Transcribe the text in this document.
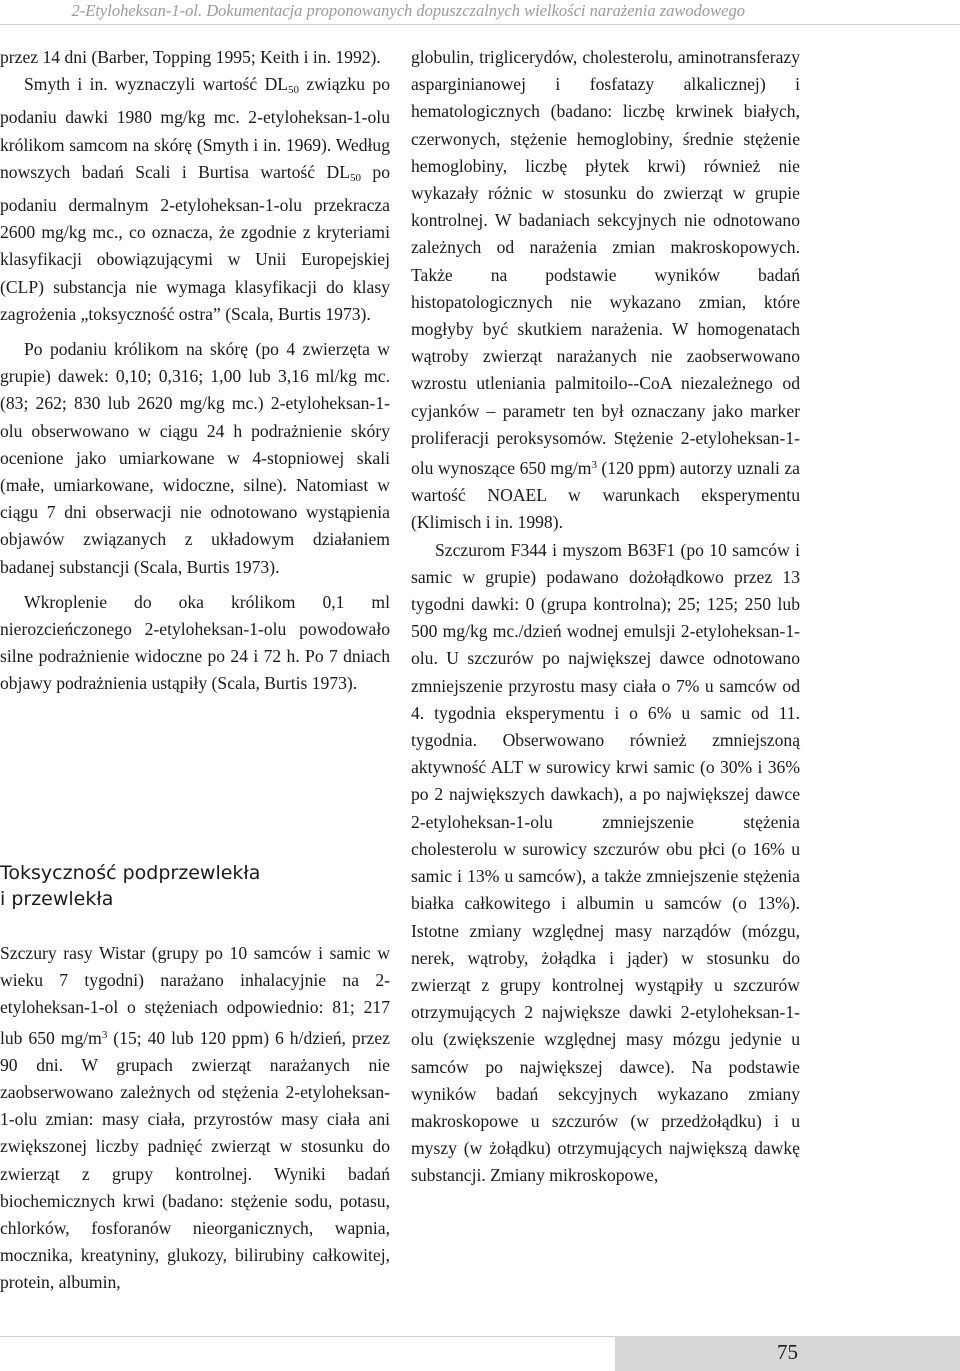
2-Etyloheksan-1-ol. Dokumentacja proponowanych dopuszczalnych wielkości narażenia zawodowego

przez 14 dni (Barber, Topping 1995; Keith i in. 1992).

Smyth i in. wyznaczyli wartość $DL_{50}$ związku po podaniu dawki 1980 mg/kg mc. 2-etyloheksan-1-olu królikom samcom na skórę (Smyth i in. 1969). Według nowszych badań Scali i Burtisa wartość $DL_{50}$ po podaniu dermalnym 2-etyloheksan-1-olu przekracza 2600 mg/kg mc., co oznacza, że zgodnie z kryteriami klasyfikacji obowiązującymi w Unii Europejskiej (CLP) substancja nie wymaga klasyfikacji do klasy zagrożenia „toksyczność ostra” (Scala, Burtis 1973).

Po podaniu królikom na skórę (po 4 zwierzęta w grupie) dawek: 0,10; 0,316; 1,00 lub 3,16 ml/kg mc. (83; 262; 830 lub 2620 mg/kg mc.) 2-etyloheksan-1-olu obserwowano w ciągu 24 h podrażnienie skóry ocenione jako umiarkowane w 4-stopniowej skali (małe, umiarkowane, widoczne, silne). Natomiast w ciągu 7 dni obserwacji nie odnotowano wystąpienia objawów związanych z układowym działaniem badanej substancji (Scala, Burtis 1973).

Wkroplenie do oka królikom 0,1 ml nierozcieńczonego 2-etyloheksan-1-olu powodowało silne podrażnienie widoczne po 24 i 72 h. Po 7 dniach objawy podrażnienia ustąpiły (Scala, Burtis 1973).

Toksyczność podprzewlekła
i przewlekła

Szczury rasy Wistar (grupy po 10 samców i samic w wieku 7 tygodni) narażano inhalacyjnie na 2-etyloheksan-1-ol o stężeniach odpowiednio: 81; 217 lub 650 $mg/m^3$ (15; 40 lub 120 ppm) 6 h/dzień, przez 90 dni. W grupach zwierząt narażanych nie zaobserwowano zależnych od stężenia 2-etyloheksan-1-olu zmian: masy ciała, przyrostów masy ciała ani zwiększonej liczby padnięć zwierząt w stosunku do zwierząt z grupy kontrolnej. Wyniki badań biochemicznych krwi (badano: stężenie sodu, potasu, chlorków, fosforanów nieorganicznych, wapnia, mocznika, kreatyniny, glukozy, bilirubiny całkowitej, protein, albumin,

globulin, triglicerydów, cholesterolu, aminotransferazy asparginianowej i fosfatazy alkalicznej) i hematologicznych (badano: liczbę krwinek białych, czerwonych, stężenie hemoglobiny, średnie stężenie hemoglobiny, liczbę płytek krwi) również nie wykazały różnic w stosunku do zwierząt w grupie kontrolnej. W badaniach sekcyjnych nie odnotowano zależnych od narażenia zmian makroskopowych. Także na podstawie wyników badań histopatologicznych nie wykazano zmian, które mogłyby być skutkiem narażenia. W homogenatach wątroby zwierząt narażanych nie zaobserwowano wzrostu utleniania palmitoilo--CoA niezależnego od cyjanków – parametr ten był oznaczany jako marker proliferacji peroksysomów. Stężenie 2-etyloheksan-1-olu wynoszące 650 $mg/m^3$ (120 ppm) autorzy uznali za wartość NOAEL w warunkach eksperymentu (Klimisch i in. 1998).

Szczurom F344 i myszom B63F1 (po 10 samców i samic w grupie) podawano dożołądkowo przez 13 tygodni dawki: 0 (grupa kontrolna); 25; 125; 250 lub 500 mg/kg mc./dzień wodnej emulsji 2-etyloheksan-1-olu. U szczurów po największej dawce odnotowano zmniejszenie przyrostu masy ciała o 7% u samców od 4. tygodnia eksperymentu i o 6% u samic od 11. tygodnia. Obserwowano również zmniejszoną aktywność ALT w surowicy krwi samic (o 30% i 36% po 2 największych dawkach), a po największej dawce 2-etyloheksan-1-olu zmniejszenie stężenia cholesterolu w surowicy szczurów obu płci (o 16% u samic i 13% u samców), a także zmniejszenie stężenia białka całkowitego i albumin u samców (o 13%). Istotne zmiany względnej masy narządów (mózgu, nerek, wątroby, żołądka i jąder) w stosunku do zwierząt z grupy kontrolnej wystąpiły u szczurów otrzymujących 2 największe dawki 2-etyloheksan-1-olu (zwiększenie względnej masy mózgu jedynie u samców po największej dawce). Na podstawie wyników badań sekcyjnych wykazano zmiany makroskopowe u szczurów (w przedżołądku) i u myszy (w żołądku) otrzymujących największą dawkę substancji. Zmiany mikroskopowe,

75
